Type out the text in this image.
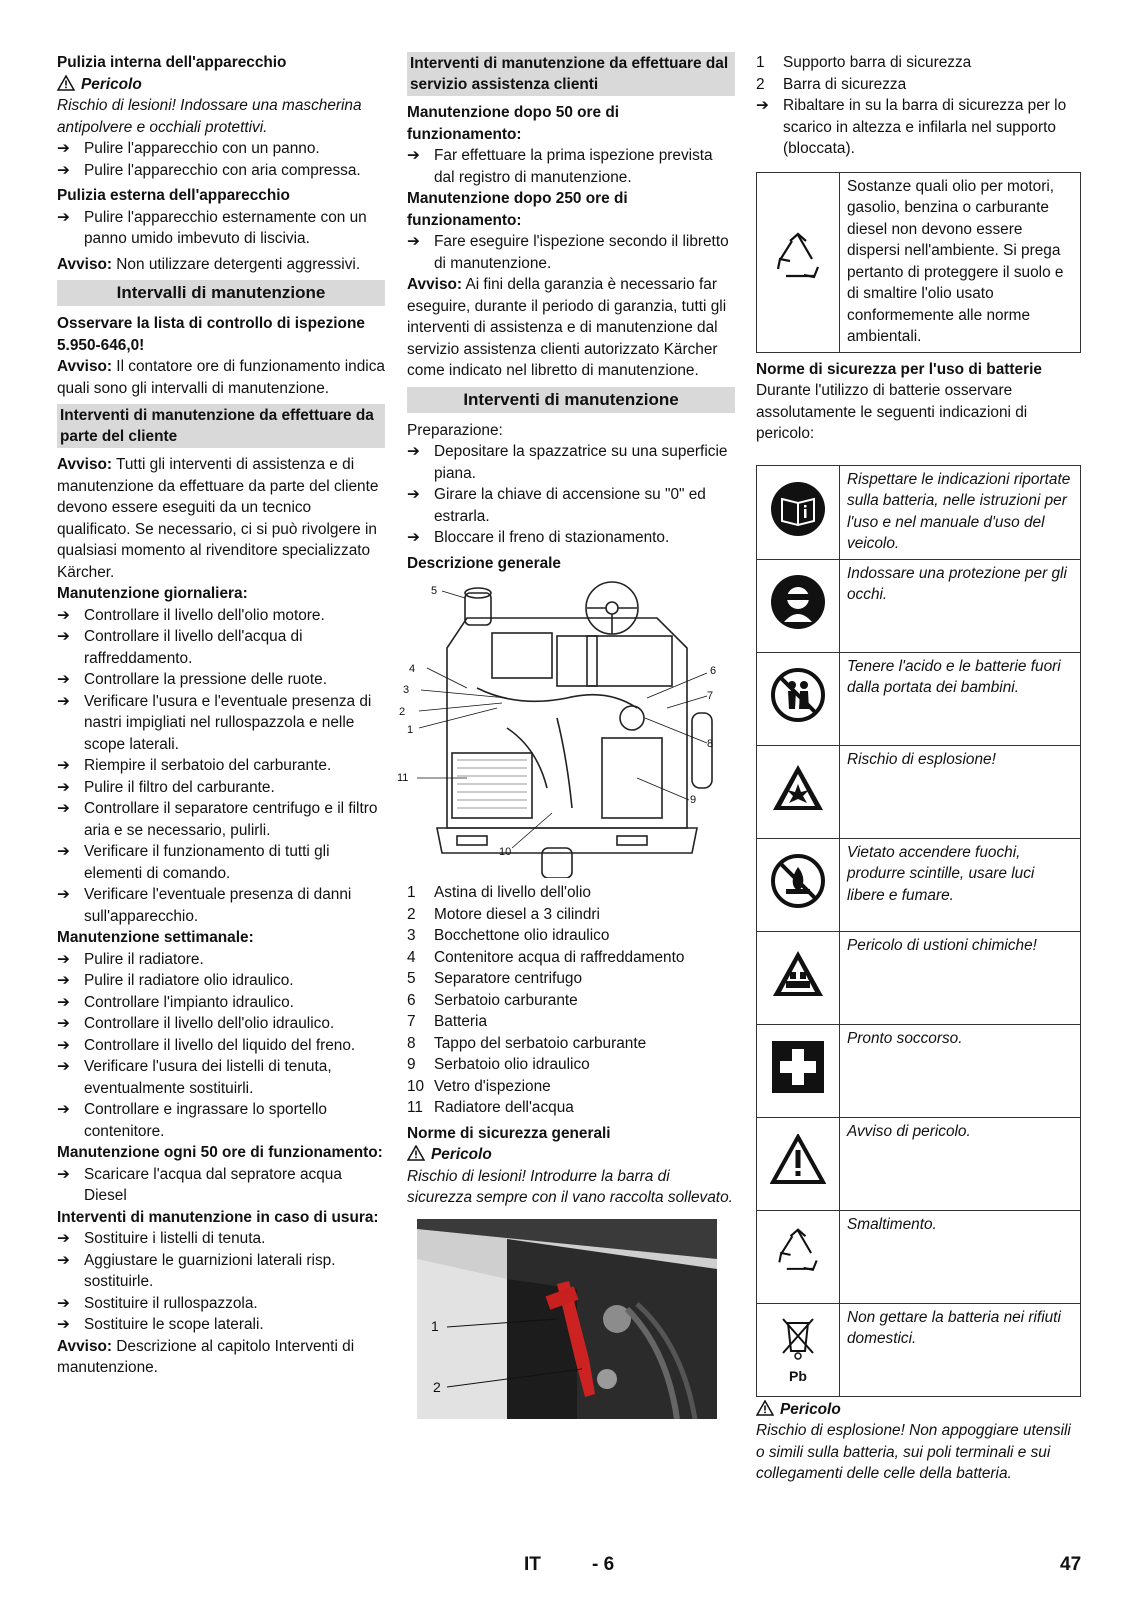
Pulizia interna dell'apparecchio

Pericolo

Rischio di lesioni! Indossare una mascherina antipolvere e occhiali protettivi.

➔ Pulire l'apparecchio con un panno.
➔ Pulire l'apparecchio con aria compressa.

Pulizia esterna dell'apparecchio

➔ Pulire l'apparecchio esternamente con un panno umido imbevuto di liscivia.

Avviso: Non utilizzare detergenti aggressivi.

Intervalli di manutenzione

Osservare la lista di controllo di ispezione 5.950-646,0!

Avviso: Il contatore ore di funzionamento indica quali sono gli intervalli di manutenzione.

Interventi di manutenzione da effettuare da parte del cliente

Avviso: Tutti gli interventi di assistenza e di manutenzione da effettuare da parte del cliente devono essere eseguiti da un tecnico qualificato. Se necessario, ci si può rivolgere in qualsiasi momento al rivenditore specializzato Kärcher.

Manutenzione giornaliera:

➔ Controllare il livello dell'olio motore.
➔ Controllare il livello dell'acqua di raffreddamento.
➔ Controllare la pressione delle ruote.
➔ Verificare l'usura e l'eventuale presenza di nastri impigliati nel rullospazzola e nelle scope laterali.
➔ Riempire il serbatoio del carburante.
➔ Pulire il filtro del carburante.
➔ Controllare il separatore centrifugo e il filtro aria e se necessario, pulirli.
➔ Verificare il funzionamento di tutti gli elementi di comando.
➔ Verificare l'eventuale presenza di danni sull'apparecchio.

Manutenzione settimanale:

➔ Pulire il radiatore.
➔ Pulire il radiatore olio idraulico.
➔ Controllare l'impianto idraulico.
➔ Controllare il livello dell'olio idraulico.
➔ Controllare il livello del liquido del freno.
➔ Verificare l'usura dei listelli di tenuta, eventualmente sostituirli.
➔ Controllare e ingrassare lo sportello contenitore.

Manutenzione ogni 50 ore di funzionamento:

➔ Scaricare l'acqua dal sepratore acqua Diesel

Interventi di manutenzione in caso di usura:

➔ Sostituire i listelli di tenuta.
➔ Aggiustare le guarnizioni laterali risp. sostituirle.
➔ Sostituire il rullospazzola.
➔ Sostituire le scope laterali.

Avviso: Descrizione al capitolo Interventi di manutenzione.

Interventi di manutenzione da effettuare dal servizio assistenza clienti

Manutenzione dopo 50 ore di funzionamento:

➔ Far effettuare la prima ispezione prevista dal registro di manutenzione.

Manutenzione dopo 250 ore di funzionamento:

➔ Fare eseguire l'ispezione secondo il libretto di manutenzione.

Avviso: Ai fini della garanzia è necessario far eseguire, durante il periodo di garanzia, tutti gli interventi di assistenza e di manutenzione dal servizio assistenza clienti autorizzato Kärcher come indicato nel libretto di manutenzione.

Interventi di manutenzione

Preparazione:

➔ Depositare la spazzatrice su una superficie piana.
➔ Girare la chiave di accensione su "0" ed estrarla.
➔ Bloccare il freno di stazionamento.

Descrizione generale

1
2
3
4
5
6
7
8
9
10
11
1 Astina di livello dell'olio
2 Motore diesel a 3 cilindri
3 Bocchettone olio idraulico
4 Contenitore acqua di raffreddamento
5 Separatore centrifugo
6 Serbatoio carburante
7 Batteria
8 Tappo del serbatoio carburante
9 Serbatoio olio idraulico
10 Vetro d'ispezione
11 Radiatore dell'acqua

Norme di sicurezza generali

Pericolo

Rischio di lesioni! Introdurre la barra di sicurezza sempre con il vano raccolta sollevato.

1
2
1 Supporto barra di sicurezza
2 Barra di sicurezza
➔ Ribaltare in su la barra di sicurezza per lo scarico in altezza e infilarla nel supporto (bloccata).
	Sostanze quali olio per motori, gasolio, benzina o carburante diesel non devono essere dispersi nell'ambiente. Si prega pertanto di proteggere il suolo e di smaltire l'olio usato conformemente alle norme ambientali.

Norme di sicurezza per l'uso di batterie

Durante l'utilizzo di batterie osservare assolutamente le seguenti indicazioni di pericolo:

	Rispettare le indicazioni riportate sulla batteria, nelle istruzioni per l'uso e nel manuale d'uso del veicolo.
	Indossare una protezione per gli occhi.
	Tenere l'acido e le batterie fuori dalla portata dei bambini.
	Rischio di esplosione!
	Vietato accendere fuochi, produrre scintille, usare luci libere e fumare.
	Pericolo di ustioni chimiche!
	Pronto soccorso.
	Avviso di pericolo.
	Smaltimento.

Pb	Non gettare la batteria nei rifiuti domestici.

Pericolo

Rischio di esplosione! Non appoggiare utensili o simili sulla batteria, sui poli terminali e sui collegamenti delle celle della batteria.

IT	- 6	47
